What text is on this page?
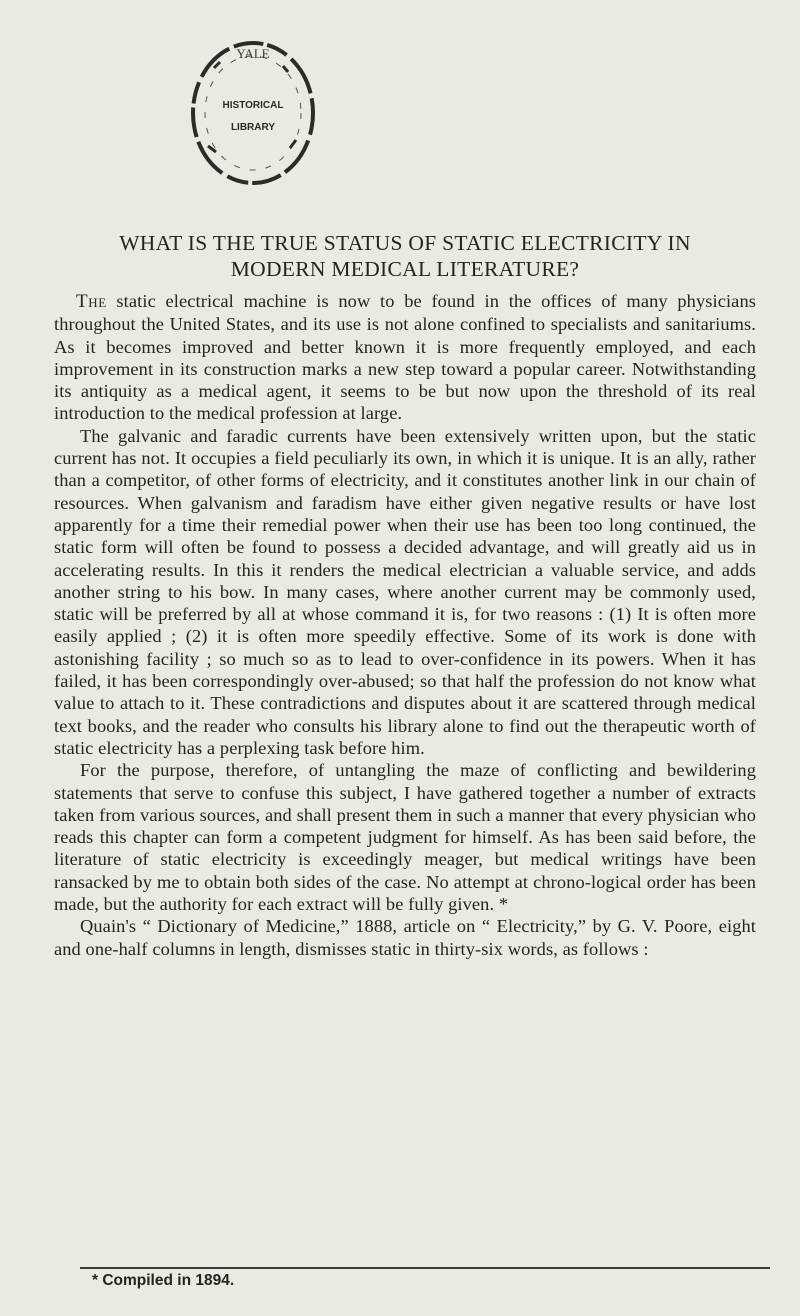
YALE
HISTORICAL
LIBRARY
WHAT IS THE TRUE STATUS OF STATIC ELECTRICITY IN
MODERN MEDICAL LITERATURE?

The static electrical machine is now to be found in the offices of many physicians throughout the United States, and its use is not alone confined to specialists and sanitariums. As it becomes improved and better known it is more frequently employed, and each improvement in its construction marks a new step toward a popular career. Notwithstanding its antiquity as a medical agent, it seems to be but now upon the threshold of its real introduction to the medical profession at large.

The galvanic and faradic currents have been extensively written upon, but the static current has not. It occupies a field peculiarly its own, in which it is unique. It is an ally, rather than a competitor, of other forms of electricity, and it constitutes another link in our chain of resources. When galvanism and faradism have either given negative results or have lost apparently for a time their remedial power when their use has been too long continued, the static form will often be found to possess a decided advantage, and will greatly aid us in accelerating results. In this it renders the medical electrician a valuable service, and adds another string to his bow. In many cases, where another current may be commonly used, static will be preferred by all at whose command it is, for two reasons : (1) It is often more easily applied ; (2) it is often more speedily effective. Some of its work is done with astonishing facility ; so much so as to lead to over-confidence in its powers. When it has failed, it has been correspondingly over-abused; so that half the profession do not know what value to attach to it. These contradictions and disputes about it are scattered through medical text books, and the reader who consults his library alone to find out the therapeutic worth of static electricity has a perplexing task before him.

For the purpose, therefore, of untangling the maze of conflicting and bewildering statements that serve to confuse this subject, I have gathered together a number of extracts taken from various sources, and shall present them in such a manner that every physician who reads this chapter can form a competent judgment for himself. As has been said before, the literature of static electricity is exceedingly meager, but medical writings have been ransacked by me to obtain both sides of the case. No attempt at chrono-logical order has been made, but the authority for each extract will be fully given. *

Quain's “ Dictionary of Medicine,” 1888, article on “ Electricity,” by G. V. Poore, eight and one-half columns in length, dismisses static in thirty-six words, as follows :

* Compiled in 1894.
